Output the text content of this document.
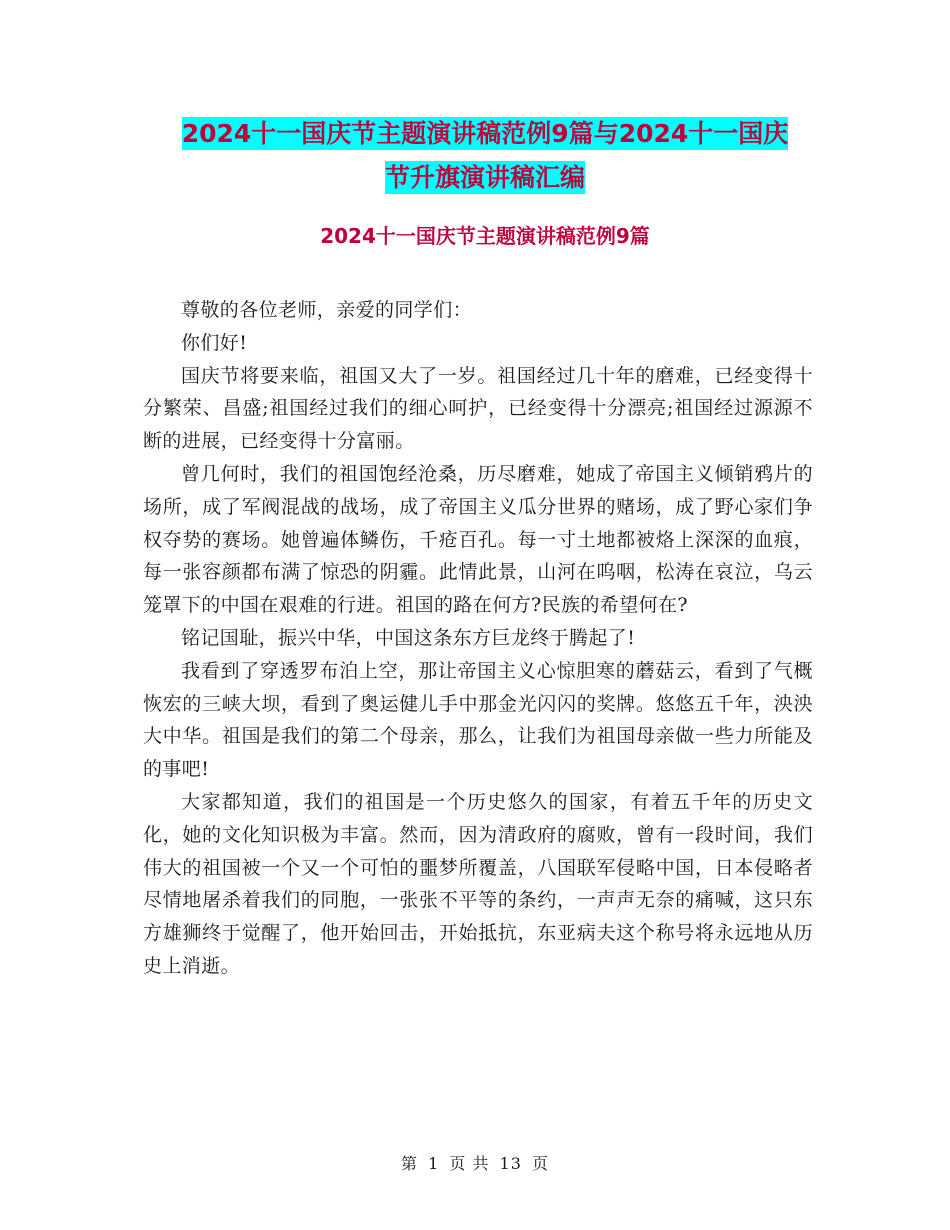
2024十一国庆节主题演讲稿范例9篇与2024十一国庆
节升旗演讲稿汇编
2024十一国庆节主题演讲稿范例9篇

尊敬的各位老师，亲爱的同学们：

你们好!

国庆节将要来临，祖国又大了一岁。祖国经过几十年的磨难，已经变得十分繁荣、昌盛;祖国经过我们的细心呵护，已经变得十分漂亮;祖国经过源源不断的进展，已经变得十分富丽。

曾几何时，我们的祖国饱经沧桑，历尽磨难，她成了帝国主义倾销鸦片的场所，成了军阀混战的战场，成了帝国主义瓜分世界的赌场，成了野心家们争权夺势的赛场。她曾遍体鳞伤，千疮百孔。每一寸土地都被烙上深深的血痕，每一张容颜都布满了惊恐的阴霾。此情此景，山河在呜咽，松涛在哀泣，乌云笼罩下的中国在艰难的行进。祖国的路在何方?民族的希望何在?

铭记国耻，振兴中华，中国这条东方巨龙终于腾起了!

我看到了穿透罗布泊上空，那让帝国主义心惊胆寒的蘑菇云，看到了气概恢宏的三峡大坝，看到了奥运健儿手中那金光闪闪的奖牌。悠悠五千年，泱泱大中华。祖国是我们的第二个母亲，那么，让我们为祖国母亲做一些力所能及的事吧!

大家都知道，我们的祖国是一个历史悠久的国家，有着五千年的历史文化，她的文化知识极为丰富。然而，因为清政府的腐败，曾有一段时间，我们伟大的祖国被一个又一个可怕的噩梦所覆盖，八国联军侵略中国，日本侵略者尽情地屠杀着我们的同胞，一张张不平等的条约，一声声无奈的痛喊，这只东方雄狮终于觉醒了，他开始回击，开始抵抗，东亚病夫这个称号将永远地从历史上消逝。

第 1 页 共 13 页
